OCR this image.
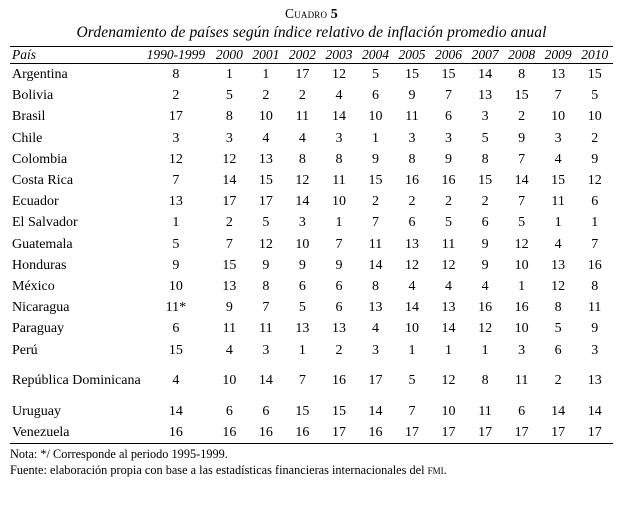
Cuadro 5
Ordenamiento de países según índice relativo de inflación promedio anual
País	1990-1999	2000	2001	2002	2003	2004	2005	2006	2007	2008	2009	2010
Argentina	8	1	1	17	12	5	15	15	14	8	13	15
Bolivia	2	5	2	2	4	6	9	7	13	15	7	5
Brasil	17	8	10	11	14	10	11	6	3	2	10	10
Chile	3	3	4	4	3	1	3	3	5	9	3	2
Colombia	12	12	13	8	8	9	8	9	8	7	4	9
Costa Rica	7	14	15	12	11	15	16	16	15	14	15	12
Ecuador	13	17	17	14	10	2	2	2	2	7	11	6
El Salvador	1	2	5	3	1	7	6	5	6	5	1	1
Guatemala	5	7	12	10	7	11	13	11	9	12	4	7
Honduras	9	15	9	9	9	14	12	12	9	10	13	16
México	10	13	8	6	6	8	4	4	4	1	12	8
Nicaragua	11*	9	7	5	6	13	14	13	16	16	8	11
Paraguay	6	11	11	13	13	4	10	14	12	10	5	9
Perú	15	4	3	1	2	3	1	1	1	3	6	3
República Dominicana	4	10	14	7	16	17	5	12	8	11	2	13
Uruguay	14	6	6	15	15	14	7	10	11	6	14	14
Venezuela	16	16	16	16	17	16	17	17	17	17	17	17
Nota: */ Corresponde al periodo 1995-1999.
Fuente: elaboración propia con base a las estadísticas financieras internacionales del fmi.
